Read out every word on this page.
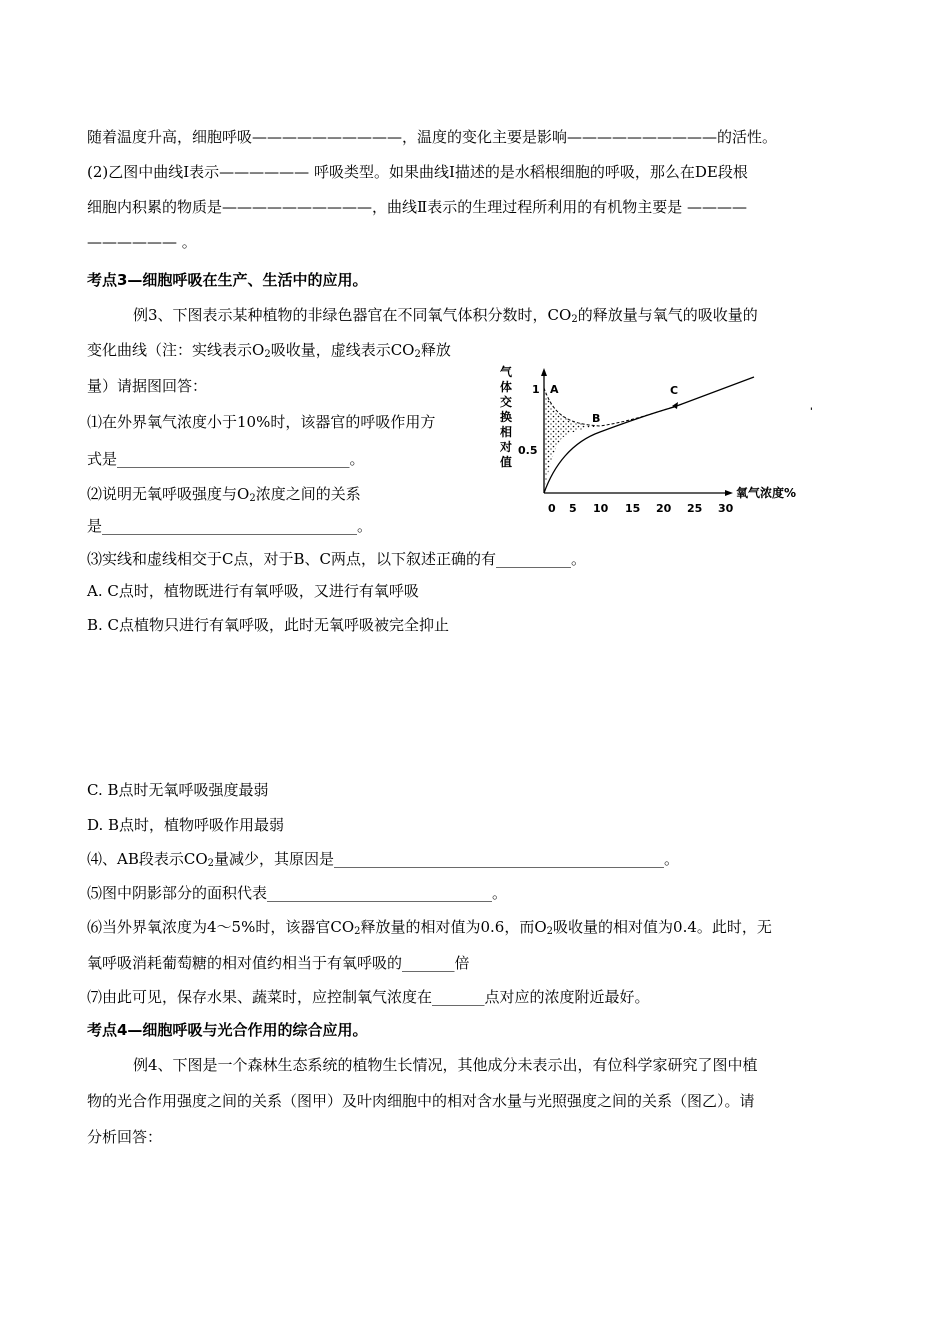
随着温度升高，细胞呼吸——————————，温度的变化主要是影响——————————的活性。
(2)乙图中曲线Ⅰ表示—————— 呼吸类型。如果曲线Ⅰ描述的是水稻根细胞的呼吸，那么在DE段根
细胞内积累的物质是——————————，曲线Ⅱ表示的生理过程所利用的有机物主要是 ————
—————— 。
考点3—细胞呼吸在生产、生活中的应用。
例3、下图表示某种植物的非绿色器官在不同氧气体积分数时，$CO_2$的释放量与氧气的吸收量的
变化曲线（注：实线表示$O_2$吸收量，虚线表示$CO_2$释放
量）请据图回答：
⑴在外界氧气浓度小于10%时，该器官的呼吸作用方
式是_______________________________。
⑵说明无氧呼吸强度与$O_2$浓度之间的关系
是__________________________________。
⑶实线和虚线相交于C点，对于B、C两点，以下叙述正确的有__________。
A. C点时，植物既进行有氧呼吸，又进行有氧呼吸
B. C点植物只进行有氧呼吸，此时无氧呼吸被完全抑止
C. B点时无氧呼吸强度最弱
D. B点时，植物呼吸作用最弱
⑷、AB段表示$CO_2$量减少，其原因是____________________________________________。
⑸图中阴影部分的面积代表______________________________。
⑹当外界氧浓度为4～5%时，该器官$CO_2$释放量的相对值为0.6，而$O_2$吸收量的相对值为0.4。此时，无
氧呼吸消耗葡萄糖的相对值约相当于有氧呼吸的_______倍
⑺由此可见，保存水果、蔬菜时，应控制氧气浓度在_______点对应的浓度附近最好。
考点4—细胞呼吸与光合作用的综合应用。
例4、下图是一个森林生态系统的植物生长情况，其他成分未表示出，有位科学家研究了图中植
物的光合作用强度之间的关系（图甲）及叶肉细胞中的相对含水量与光照强度之间的关系（图乙）。请
分析回答：
气
体
交
换
相
对
值
1
0.5
A
B
C
'
0 5 10 15 20 25 30
氧气浓度%
